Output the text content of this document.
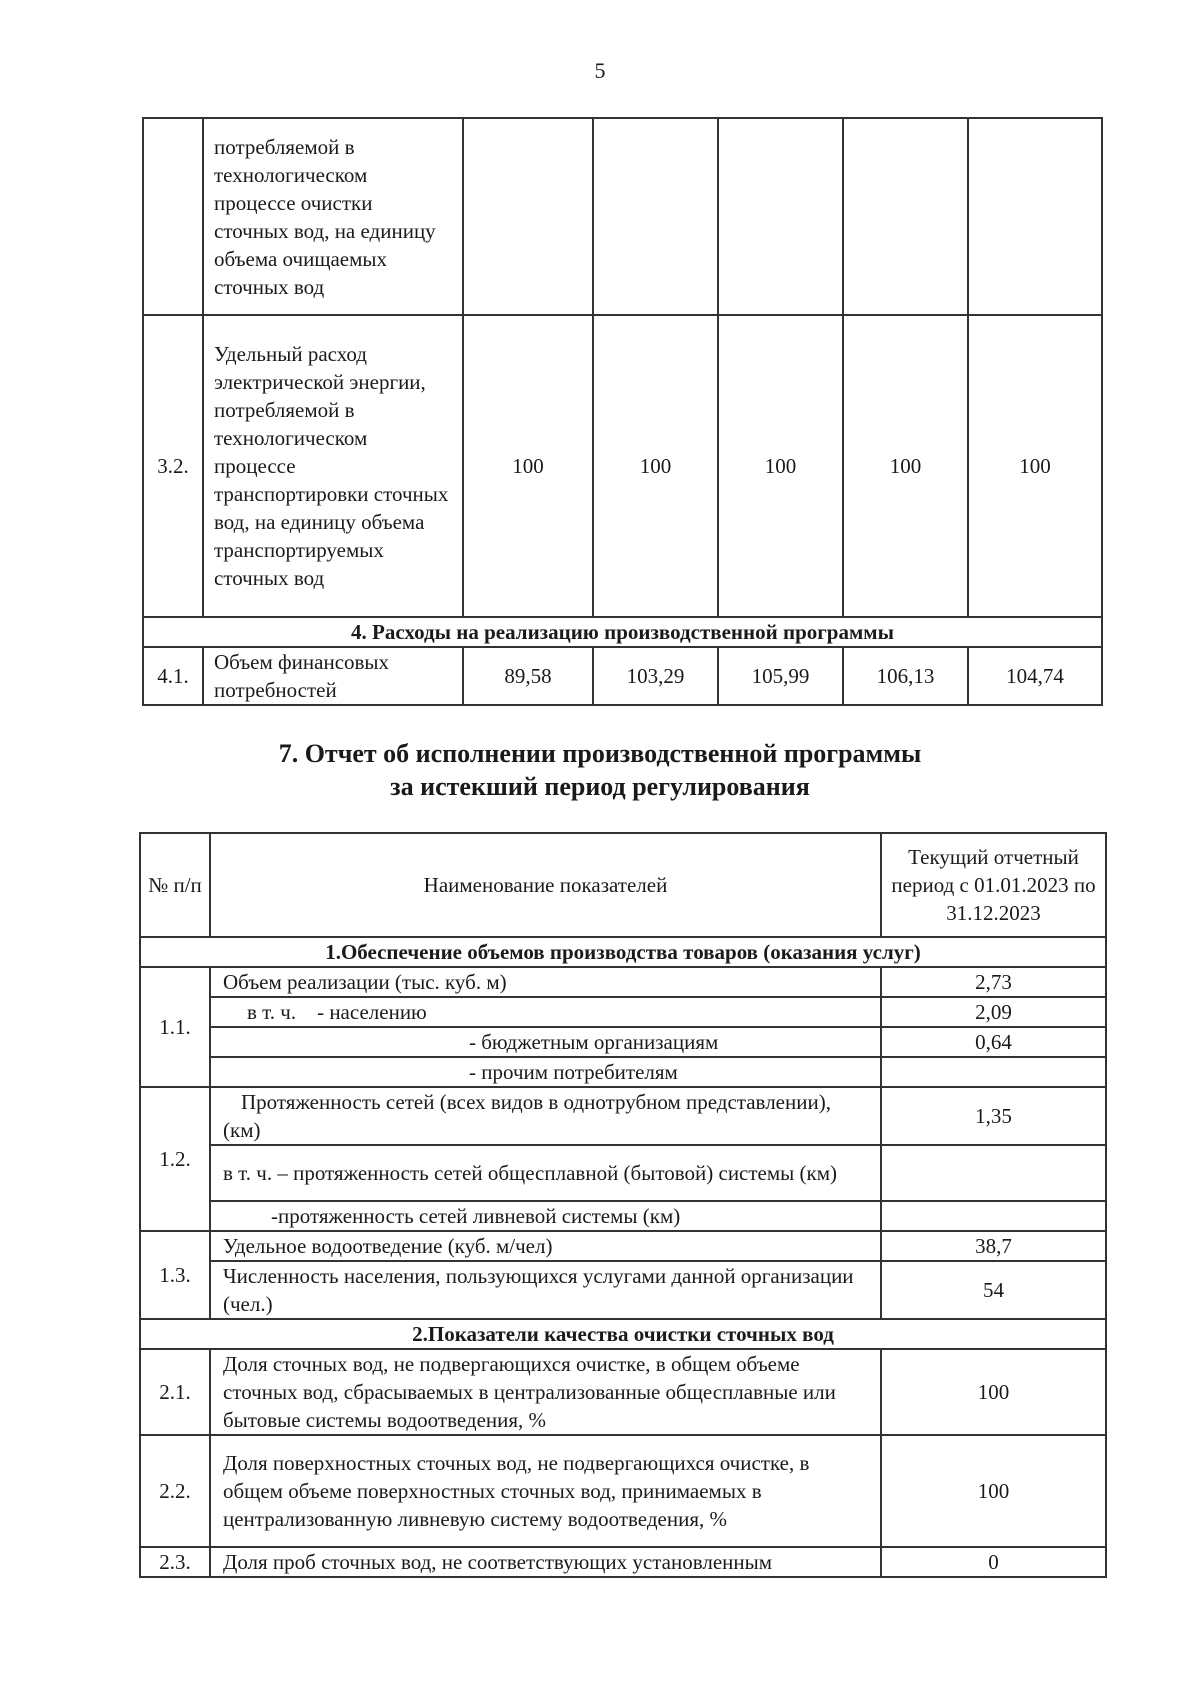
5
	потребляемой в технологическом процессе очистки сточных вод, на единицу объема очищаемых сточных вод					
3.2.	Удельный расход электрической энергии, потребляемой в технологическом процессе транспортировки сточных вод, на единицу объема транспортируемых сточных вод	100	100	100	100	100
4. Расходы на реализацию производственной программы						
4.1.	Объем финансовых потребностей	89,58	103,29	105,99	106,13	104,74
7. Отчет об исполнении производственной программы
за истекший период регулирования
№ п/п	Наименование показателей	Текущий отчетный период с 01.01.2023 по 31.12.2023
1.Обеспечение объемов производства товаров (оказания услуг)		
1.1.	Объем реализации (тыс. куб. м)	2,73
	в т. ч.    - населению	2,09
	- бюджетным организациям	0,64
	- прочим потребителям	
1.2.	Протяженность сетей (всех видов в однотрубном представлении), (км)	1,35
	в т. ч. – протяженность сетей общесплавной (бытовой) системы (км)	
	-протяженность сетей ливневой системы (км)	
1.3.	Удельное водоотведение (куб. м/чел)	38,7
	Численность населения, пользующихся услугами данной организации (чел.)	54
2.Показатели качества очистки сточных вод		
2.1.	Доля сточных вод, не подвергающихся очистке, в общем объеме сточных вод, сбрасываемых в централизованные общесплавные или бытовые системы водоотведения, %	100
2.2.	Доля поверхностных сточных вод, не подвергающихся очистке, в общем объеме поверхностных сточных вод, принимаемых в централизованную ливневую систему водоотведения, %	100
2.3.	Доля проб сточных вод, не соответствующих установленным	0
